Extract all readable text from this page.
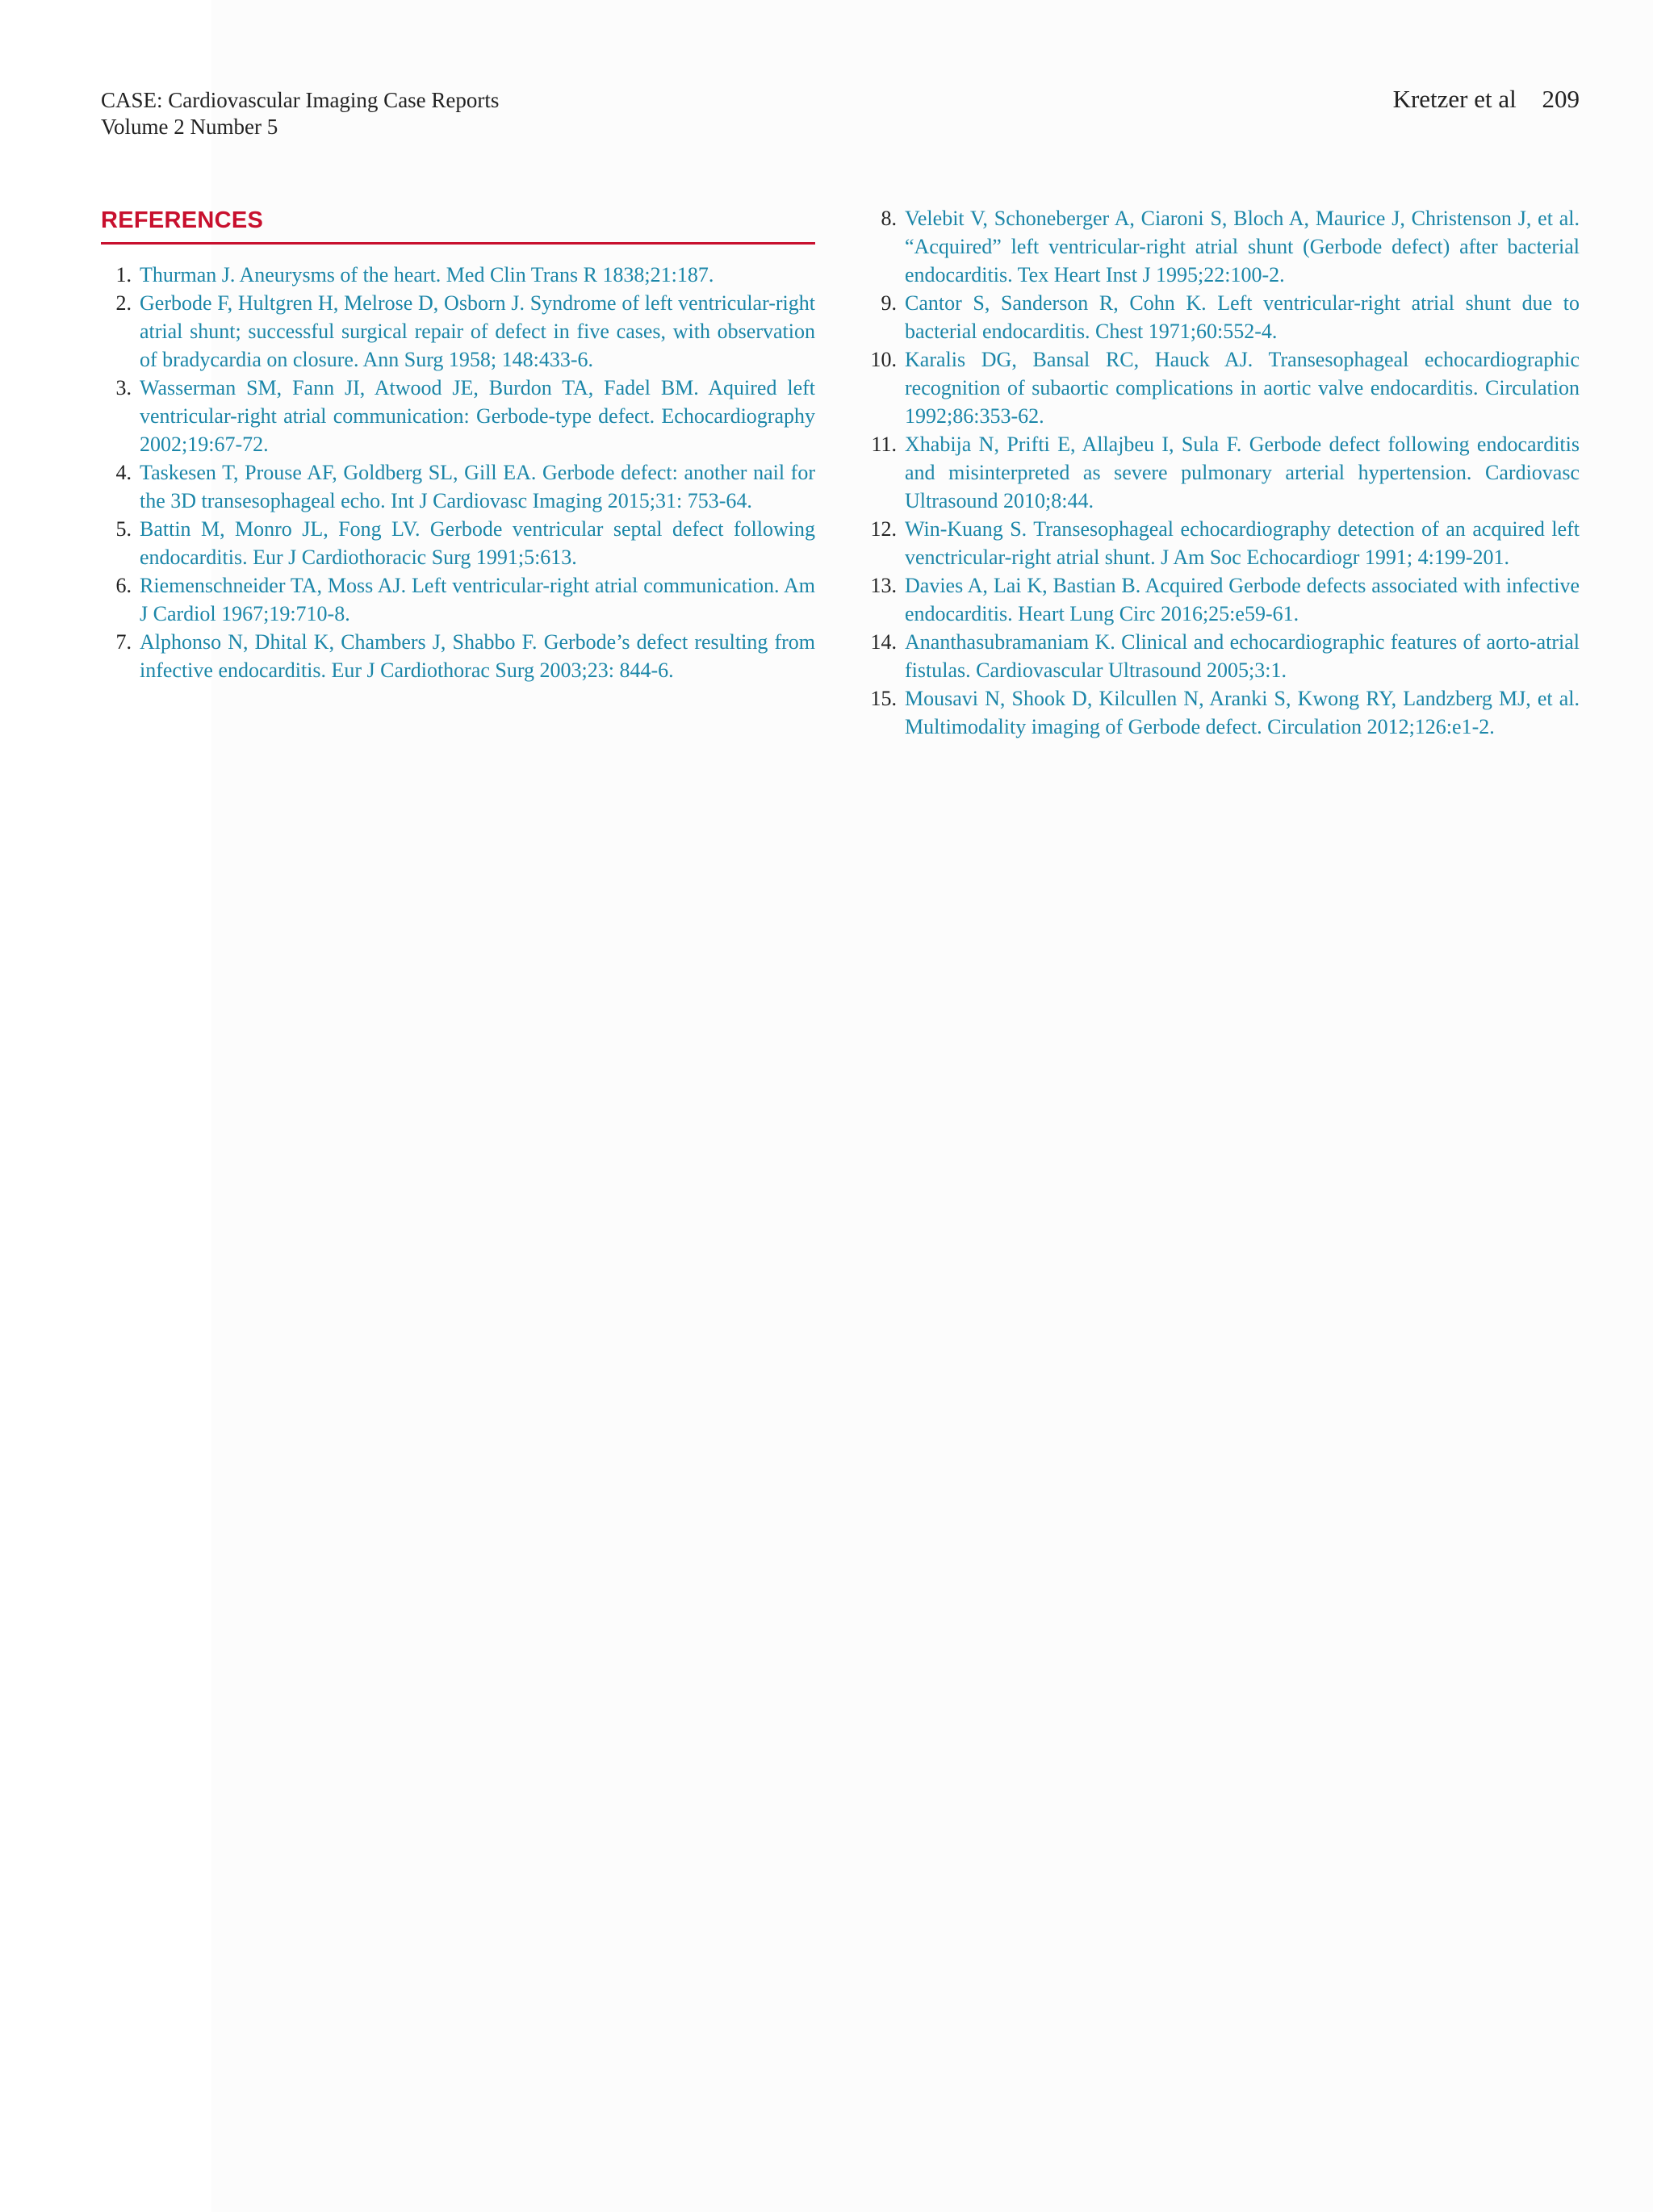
CASE: Cardiovascular Imaging Case Reports
Volume 2 Number 5
Kretzer et al 209
REFERENCES
1. Thurman J. Aneurysms of the heart. Med Clin Trans R 1838;21:187.
2. Gerbode F, Hultgren H, Melrose D, Osborn J. Syndrome of left ventricular-right atrial shunt; successful surgical repair of defect in five cases, with observation of bradycardia on closure. Ann Surg 1958; 148:433-6.
3. Wasserman SM, Fann JI, Atwood JE, Burdon TA, Fadel BM. Aquired left ventricular-right atrial communication: Gerbode-type defect. Echocardiography 2002;19:67-72.
4. Taskesen T, Prouse AF, Goldberg SL, Gill EA. Gerbode defect: another nail for the 3D transesophageal echo. Int J Cardiovasc Imaging 2015;31: 753-64.
5. Battin M, Monro JL, Fong LV. Gerbode ventricular septal defect following endocarditis. Eur J Cardiothoracic Surg 1991;5:613.
6. Riemenschneider TA, Moss AJ. Left ventricular-right atrial communication. Am J Cardiol 1967;19:710-8.
7. Alphonso N, Dhital K, Chambers J, Shabbo F. Gerbode’s defect resulting from infective endocarditis. Eur J Cardiothorac Surg 2003;23: 844-6.
8. Velebit V, Schoneberger A, Ciaroni S, Bloch A, Maurice J, Christenson J, et al. “Acquired” left ventricular-right atrial shunt (Gerbode defect) after bacterial endocarditis. Tex Heart Inst J 1995;22:100-2.
9. Cantor S, Sanderson R, Cohn K. Left ventricular-right atrial shunt due to bacterial endocarditis. Chest 1971;60:552-4.
10. Karalis DG, Bansal RC, Hauck AJ. Transesophageal echocardiographic recognition of subaortic complications in aortic valve endocarditis. Circulation 1992;86:353-62.
11. Xhabija N, Prifti E, Allajbeu I, Sula F. Gerbode defect following endocarditis and misinterpreted as severe pulmonary arterial hypertension. Cardiovasc Ultrasound 2010;8:44.
12. Win-Kuang S. Transesophageal echocardiography detection of an acquired left venctricular-right atrial shunt. J Am Soc Echocardiogr 1991; 4:199-201.
13. Davies A, Lai K, Bastian B. Acquired Gerbode defects associated with infective endocarditis. Heart Lung Circ 2016;25:e59-61.
14. Ananthasubramaniam K. Clinical and echocardiographic features of aorto-atrial fistulas. Cardiovascular Ultrasound 2005;3:1.
15. Mousavi N, Shook D, Kilcullen N, Aranki S, Kwong RY, Landzberg MJ, et al. Multimodality imaging of Gerbode defect. Circulation 2012;126:e1-2.
